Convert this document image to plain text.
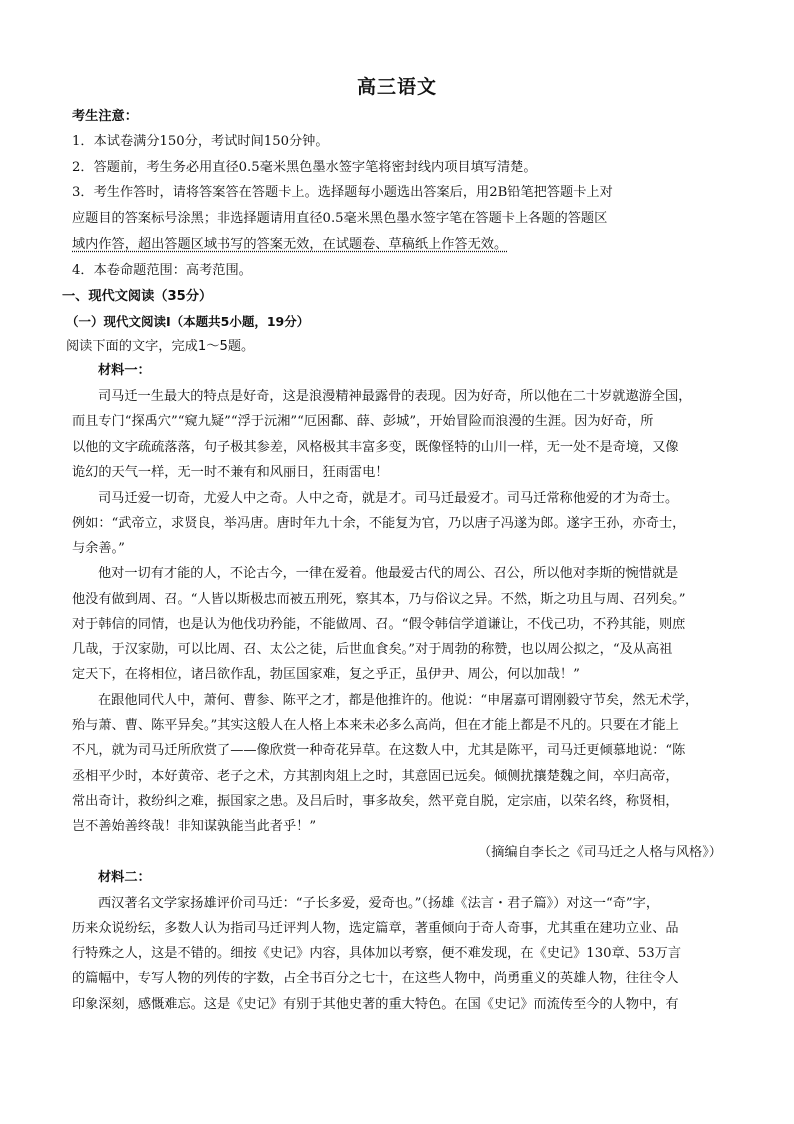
高三语文
考生注意：
1．本试卷满分150分，考试时间150分钟。
2．答题前，考生务必用直径0.5毫米黑色墨水签字笔将密封线内项目填写清楚。
3．考生作答时，请将答案答在答题卡上。选择题每小题选出答案后，用2B铅笔把答题卡上对
应题目的答案标号涂黑；非选择题请用直径0.5毫米黑色墨水签字笔在答题卡上各题的答题区
域内作答，超出答题区域书写的答案无效，在试题卷、草稿纸上作答无效。
4．本卷命题范围：高考范围。
一、现代文阅读（35分）
（一）现代文阅读Ⅰ（本题共5小题，19分）
阅读下面的文字，完成1～5题。
材料一：
司马迁一生最大的特点是好奇，这是浪漫精神最露骨的表现。因为好奇，所以他在二十岁就遨游全国，
而且专门“探禹穴”“窥九疑”“浮于沅湘”“厄困鄱、薛、彭城”，开始冒险而浪漫的生涯。因为好奇，所
以他的文字疏疏落落，句子极其参差，风格极其丰富多变，既像怪特的山川一样，无一处不是奇境，又像
诡幻的天气一样，无一时不兼有和风丽日，狂雨雷电！
司马迁爱一切奇，尤爱人中之奇。人中之奇，就是才。司马迁最爱才。司马迁常称他爱的才为奇士。
例如：“武帝立，求贤良，举冯唐。唐时年九十余，不能复为官，乃以唐子冯遂为郎。遂字王孙，亦奇士，
与余善。”
他对一切有才能的人，不论古今，一律在爱着。他最爱古代的周公、召公，所以他对李斯的惋惜就是
他没有做到周、召。“人皆以斯极忠而被五刑死，察其本，乃与俗议之异。不然，斯之功且与周、召列矣。”
对于韩信的同情，也是认为他伐功矜能，不能做周、召。“假令韩信学道谦让，不伐己功，不矜其能，则庶
几哉，于汉家勋，可以比周、召、太公之徒，后世血食矣。”对于周勃的称赞，也以周公拟之，“及从高祖
定天下，在将相位，诸吕欲作乱，勃匡国家难，复之乎正，虽伊尹、周公，何以加哉！”
在跟他同代人中，萧何、曹参、陈平之才，都是他推许的。他说：“申屠嘉可谓刚毅守节矣，然无术学，
殆与萧、曹、陈平异矣。”其实这般人在人格上本来未必多么高尚，但在才能上都是不凡的。只要在才能上
不凡，就为司马迁所欣赏了——像欣赏一种奇花异草。在这数人中，尤其是陈平，司马迁更倾慕地说：“陈
丞相平少时，本好黄帝、老子之术，方其割肉俎上之时，其意固已远矣。倾侧扰攘楚魏之间，卒归高帝，
常出奇计，救纷纠之难，振国家之患。及吕后时，事多故矣，然平竟自脱，定宗庙，以荣名终，称贤相，
岂不善始善终哉！非知谋孰能当此者乎！”
（摘编自李长之《司马迁之人格与风格》）
材料二：
西汉著名文学家扬雄评价司马迁：“子长多爱，爱奇也。”（扬雄《法言・君子篇》）对这一“奇”字，
历来众说纷纭，多数人认为指司马迁评判人物，选定篇章，著重倾向于奇人奇事，尤其重在建功立业、品
行特殊之人，这是不错的。细按《史记》内容，具体加以考察，便不难发现，在《史记》130章、53万言
的篇幅中，专写人物的列传的字数，占全书百分之七十，在这些人物中，尚勇重义的英雄人物，往往令人
印象深刻，感慨难忘。这是《史记》有别于其他史著的重大特色。在国《史记》而流传至今的人物中，有
